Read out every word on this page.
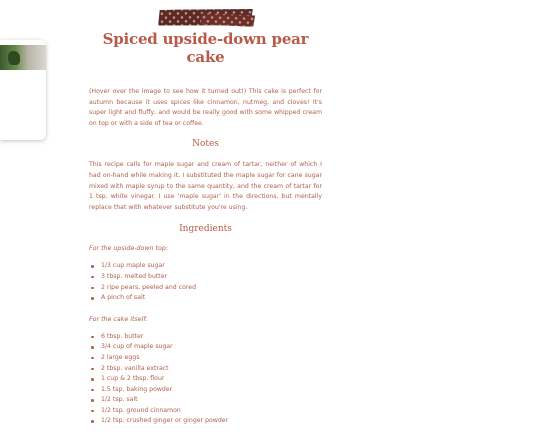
Spiced upside-down pear cake

(Hover over the image to see how it turned out!) This cake is perfect for autumn because it uses spices like cinnamon, nutmeg, and cloves! It's super light and fluffy, and would be really good with some whipped cream on top or with a side of tea or coffee.

Notes

This recipe calls for maple sugar and cream of tartar, neither of which I had on-hand while making it. I substituted the maple sugar for cane sugar mixed with maple syrup to the same quantity, and the cream of tartar for 1 tsp. white vinegar. I use 'maple sugar' in the directions, but mentally replace that with whatever substitute you're using.

Ingredients
For the upside-down top:
1/3 cup maple sugar
3 tbsp. melted butter
2 ripe pears, peeled and cored
A pinch of salt
For the cake itself:
6 tbsp. butter
3/4 cup of maple sugar
2 large eggs
2 tbsp. vanilla extract
1 cup & 2 tbsp. flour
1.5 tsp. baking powder
1/2 tsp. salt
1/2 tsp. ground cinnamon
1/2 tsp. crushed ginger or ginger powder
